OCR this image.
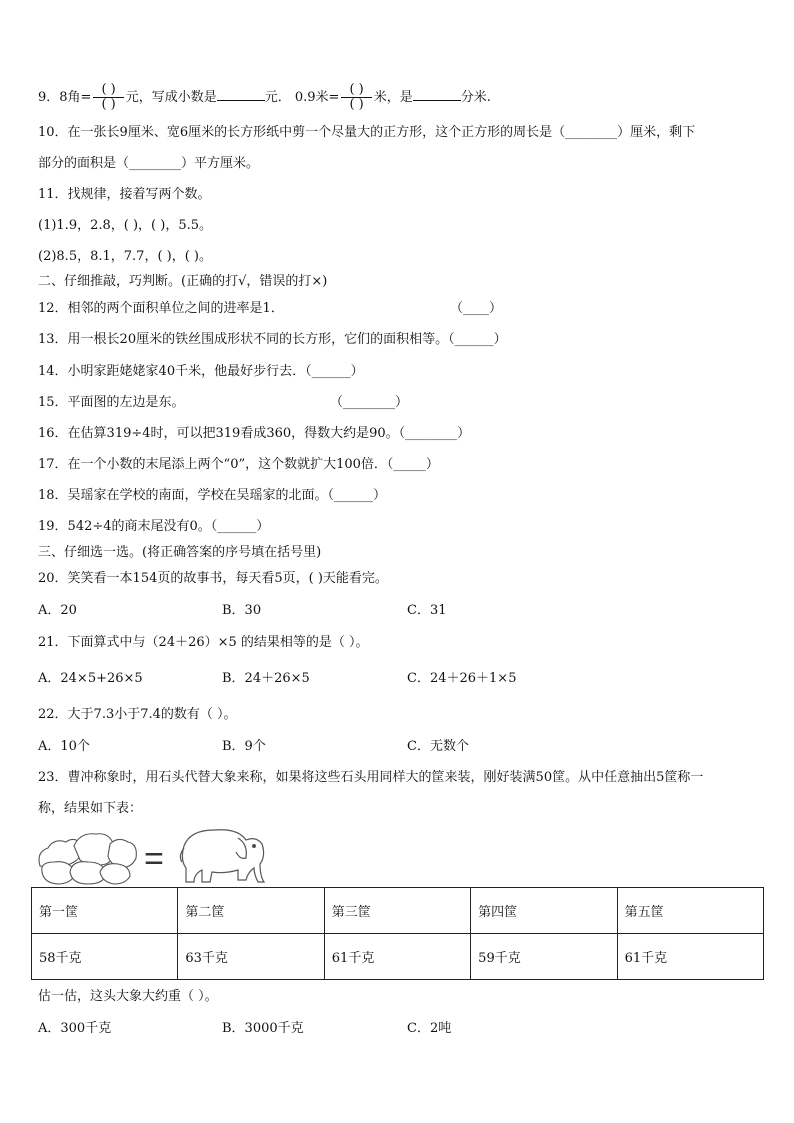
9．8角= $\frac{( )}{( )}$ 元，写成小数是	元． 0.9米= $\frac{( )}{( )}$ 米，是	分米.
10．在一张长9厘米、宽6厘米的长方形纸中剪一个尽量大的正方形，这个正方形的周长是（________）厘米，剩下
部分的面积是（________）平方厘米。
11．找规律，接着写两个数。
(1)1.9，2.8，( )，( )，5.5。
(2)8.5，8.1，7.7，( )，( )。
二、仔细推敲，巧判断。(正确的打√，错误的打×)
12．相邻的两个面积单位之间的进率是1．	（____）
13．用一根长20厘米的铁丝围成形状不同的长方形，它们的面积相等。（______）
14．小明家距姥姥家40千米，他最好步行去．（______）
15．平面图的左边是东。	（________）
16．在估算319÷4时，可以把319看成360，得数大约是90。（________）
17．在一个小数的末尾添上两个“0”，这个数就扩大100倍．（_____）
18．吴瑶家在学校的南面，学校在吴瑶家的北面。（______）
19．542÷4的商末尾没有0。（______）
三、仔细选一选。(将正确答案的序号填在括号里)
20．笑笑看一本154页的故事书，每天看5页，( )天能看完。
A．20	B．30	C．31
21．下面算式中与（24＋26）×5 的结果相等的是（ ）。
A．24×5+26×5	B．24＋26×5	C．24＋26＋1×5
22．大于7.3小于7.4的数有（ ）。
A．10个	B．9个	C．无数个
23．曹冲称象时，用石头代替大象来称，如果将这些石头用同样大的筐来装，刚好装满50筐。从中任意抽出5筐称一
称，结果如下表：
=
第一筐	第二筐	第三筐	第四筐	第五筐
58千克	63千克	61千克	59千克	61千克
估一估，这头大象大约重（ ）。
A．300千克	B．3000千克	C．2吨
